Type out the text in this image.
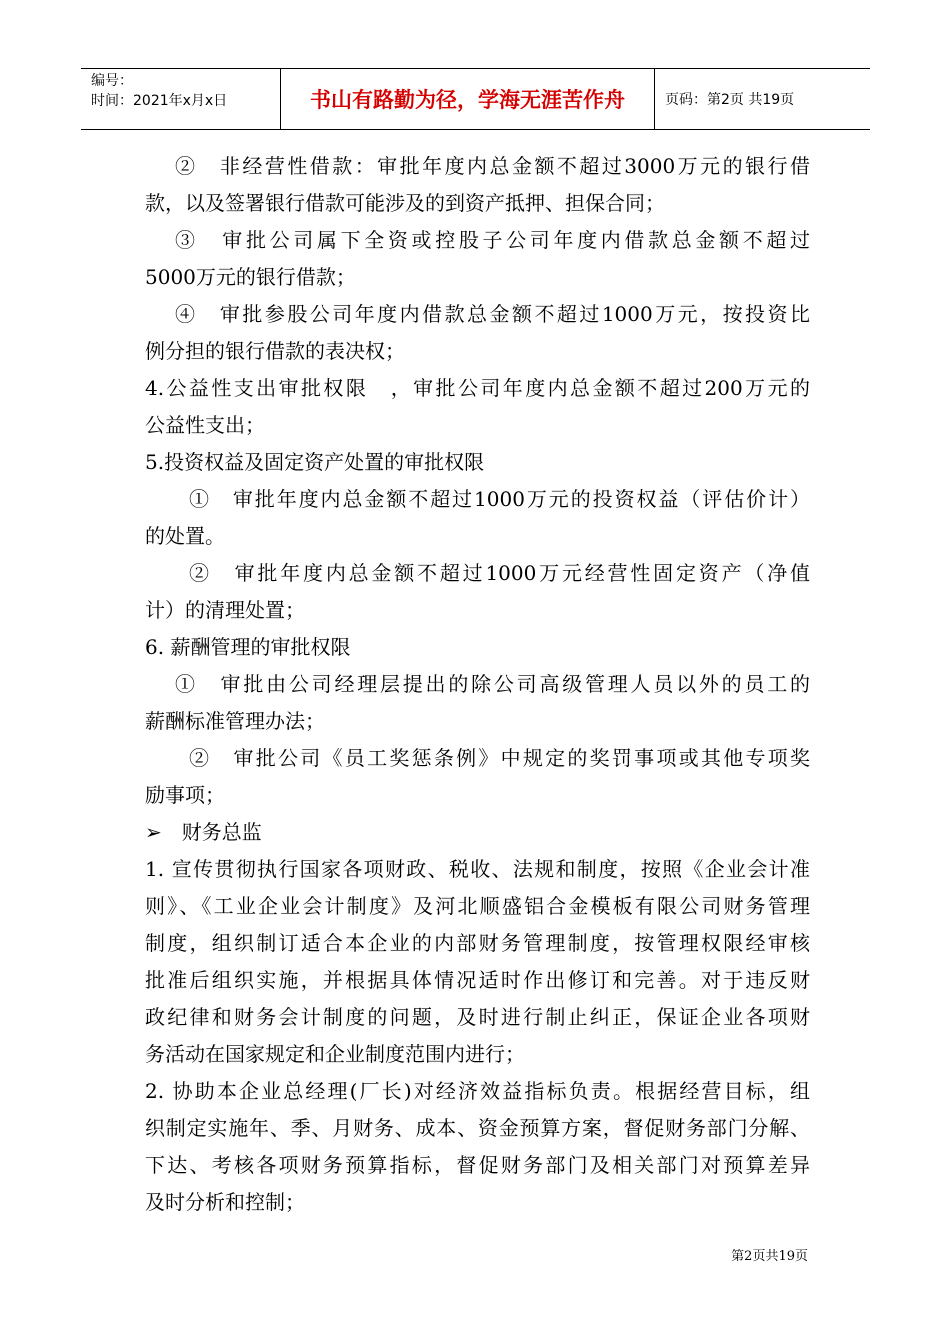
编号：
时间：2021年x月x日	书山有路勤为径，学海无涯苦作舟	页码：第2页 共19页
②　非经营性借款：审批年度内总金额不超过3000万元的银行借
款，以及签署银行借款可能涉及的到资产抵押、担保合同；
③　审批公司属下全资或控股子公司年度内借款总金额不超过
5000万元的银行借款；
④　审批参股公司年度内借款总金额不超过1000万元，按投资比
例分担的银行借款的表决权；
4.公益性支出审批权限　，审批公司年度内总金额不超过200万元的
公益性支出；
5.投资权益及固定资产处置的审批权限
①　审批年度内总金额不超过1000万元的投资权益（评估价计）
的处置。
②　审批年度内总金额不超过1000万元经营性固定资产（净值
计）的清理处置；
6. 薪酬管理的审批权限
①　审批由公司经理层提出的除公司高级管理人员以外的员工的
薪酬标准管理办法；
②　审批公司《员工奖惩条例》中规定的奖罚事项或其他专项奖
励事项；
➢　财务总监
1. 宣传贯彻执行国家各项财政、税收、法规和制度，按照《企业会计准
则》、《工业企业会计制度》及河北顺盛铝合金模板有限公司财务管理
制度，组织制订适合本企业的内部财务管理制度，按管理权限经审核
批准后组织实施，并根据具体情况适时作出修订和完善。对于违反财
政纪律和财务会计制度的问题，及时进行制止纠正，保证企业各项财
务活动在国家规定和企业制度范围内进行；
2. 协助本企业总经理(厂长)对经济效益指标负责。根据经营目标，组
织制定实施年、季、月财务、成本、资金预算方案，督促财务部门分解、
下达、考核各项财务预算指标，督促财务部门及相关部门对预算差异
及时分析和控制；
第2页共19页
